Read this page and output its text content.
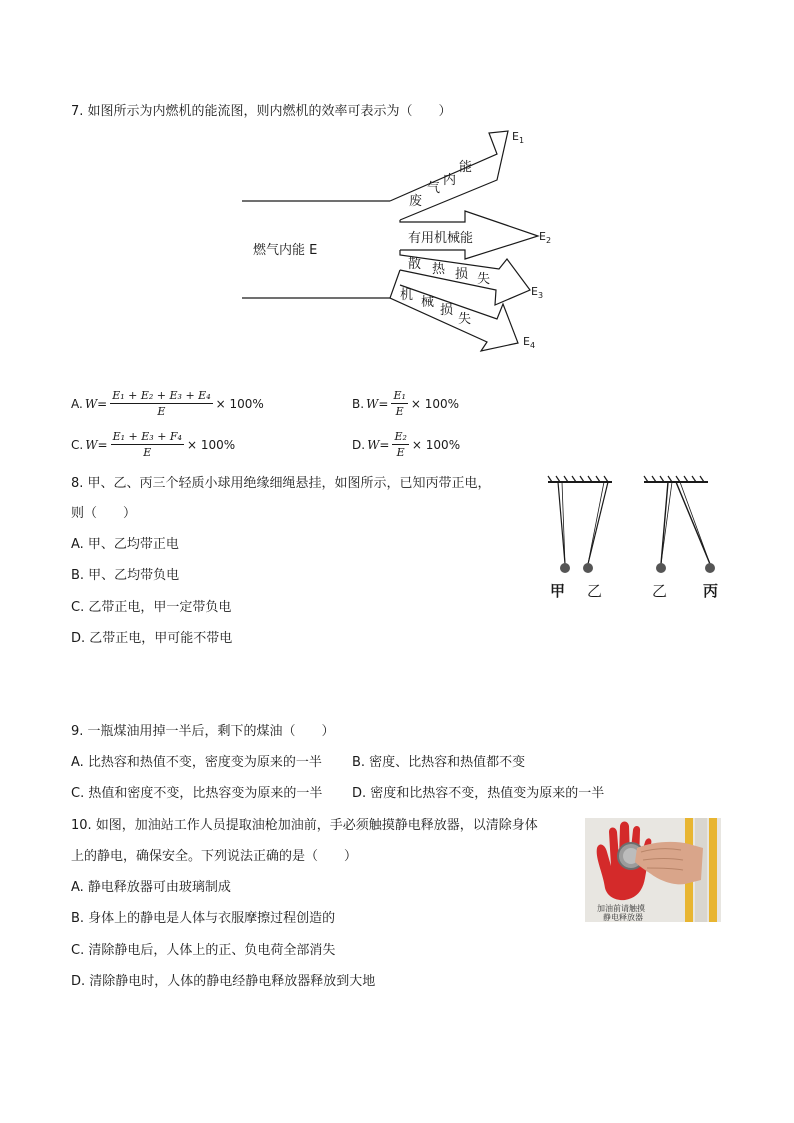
7. 如图所示为内燃机的能流图，则内燃机的效率可表示为（　　）
燃气内能 E
废
气
内
能
有用机械能
散 热 损 失
机 械
损
失
$E_1$
$E_2$
$E_3$
$E_4$
A. $W = \frac{\text{E₁ + E₂ + E₃ + E₄}}{E} \times 100\%$	B. $W = \frac{\text{E₁}}{E} \times 100\%$
C. $W = \frac{\text{E₁ + E₃ + F₄}}{E} \times 100\%$	D. $W = \frac{\text{E₂}}{E} \times 100\%$
8. 甲、乙、丙三个轻质小球用绝缘细绳悬挂，如图所示，已知丙带正电，
则（　　）
A. 甲、乙均带正电
B. 甲、乙均带负电
C. 乙带正电，甲一定带负电
D. 乙带正电，甲可能不带电
甲 乙	乙 丙
9. 一瓶煤油用掉一半后，剩下的煤油（　　）
A. 比热容和热值不变，密度变为原来的一半 B. 密度、比热容和热值都不变
C. 热值和密度不变，比热容变为原来的一半 D. 密度和比热容不变，热值变为原来的一半
10. 如图，加油站工作人员提取油枪加油前，手必须触摸静电释放器，以清除身体
上的静电，确保安全。下列说法正确的是（　　）
A. 静电释放器可由玻璃制成
B. 身体上的静电是人体与衣服摩擦过程创造的
C. 清除静电后，人体上的正、负电荷全部消失
D. 清除静电时，人体的静电经静电释放器释放到大地
加油前请触摸
静电释放器
